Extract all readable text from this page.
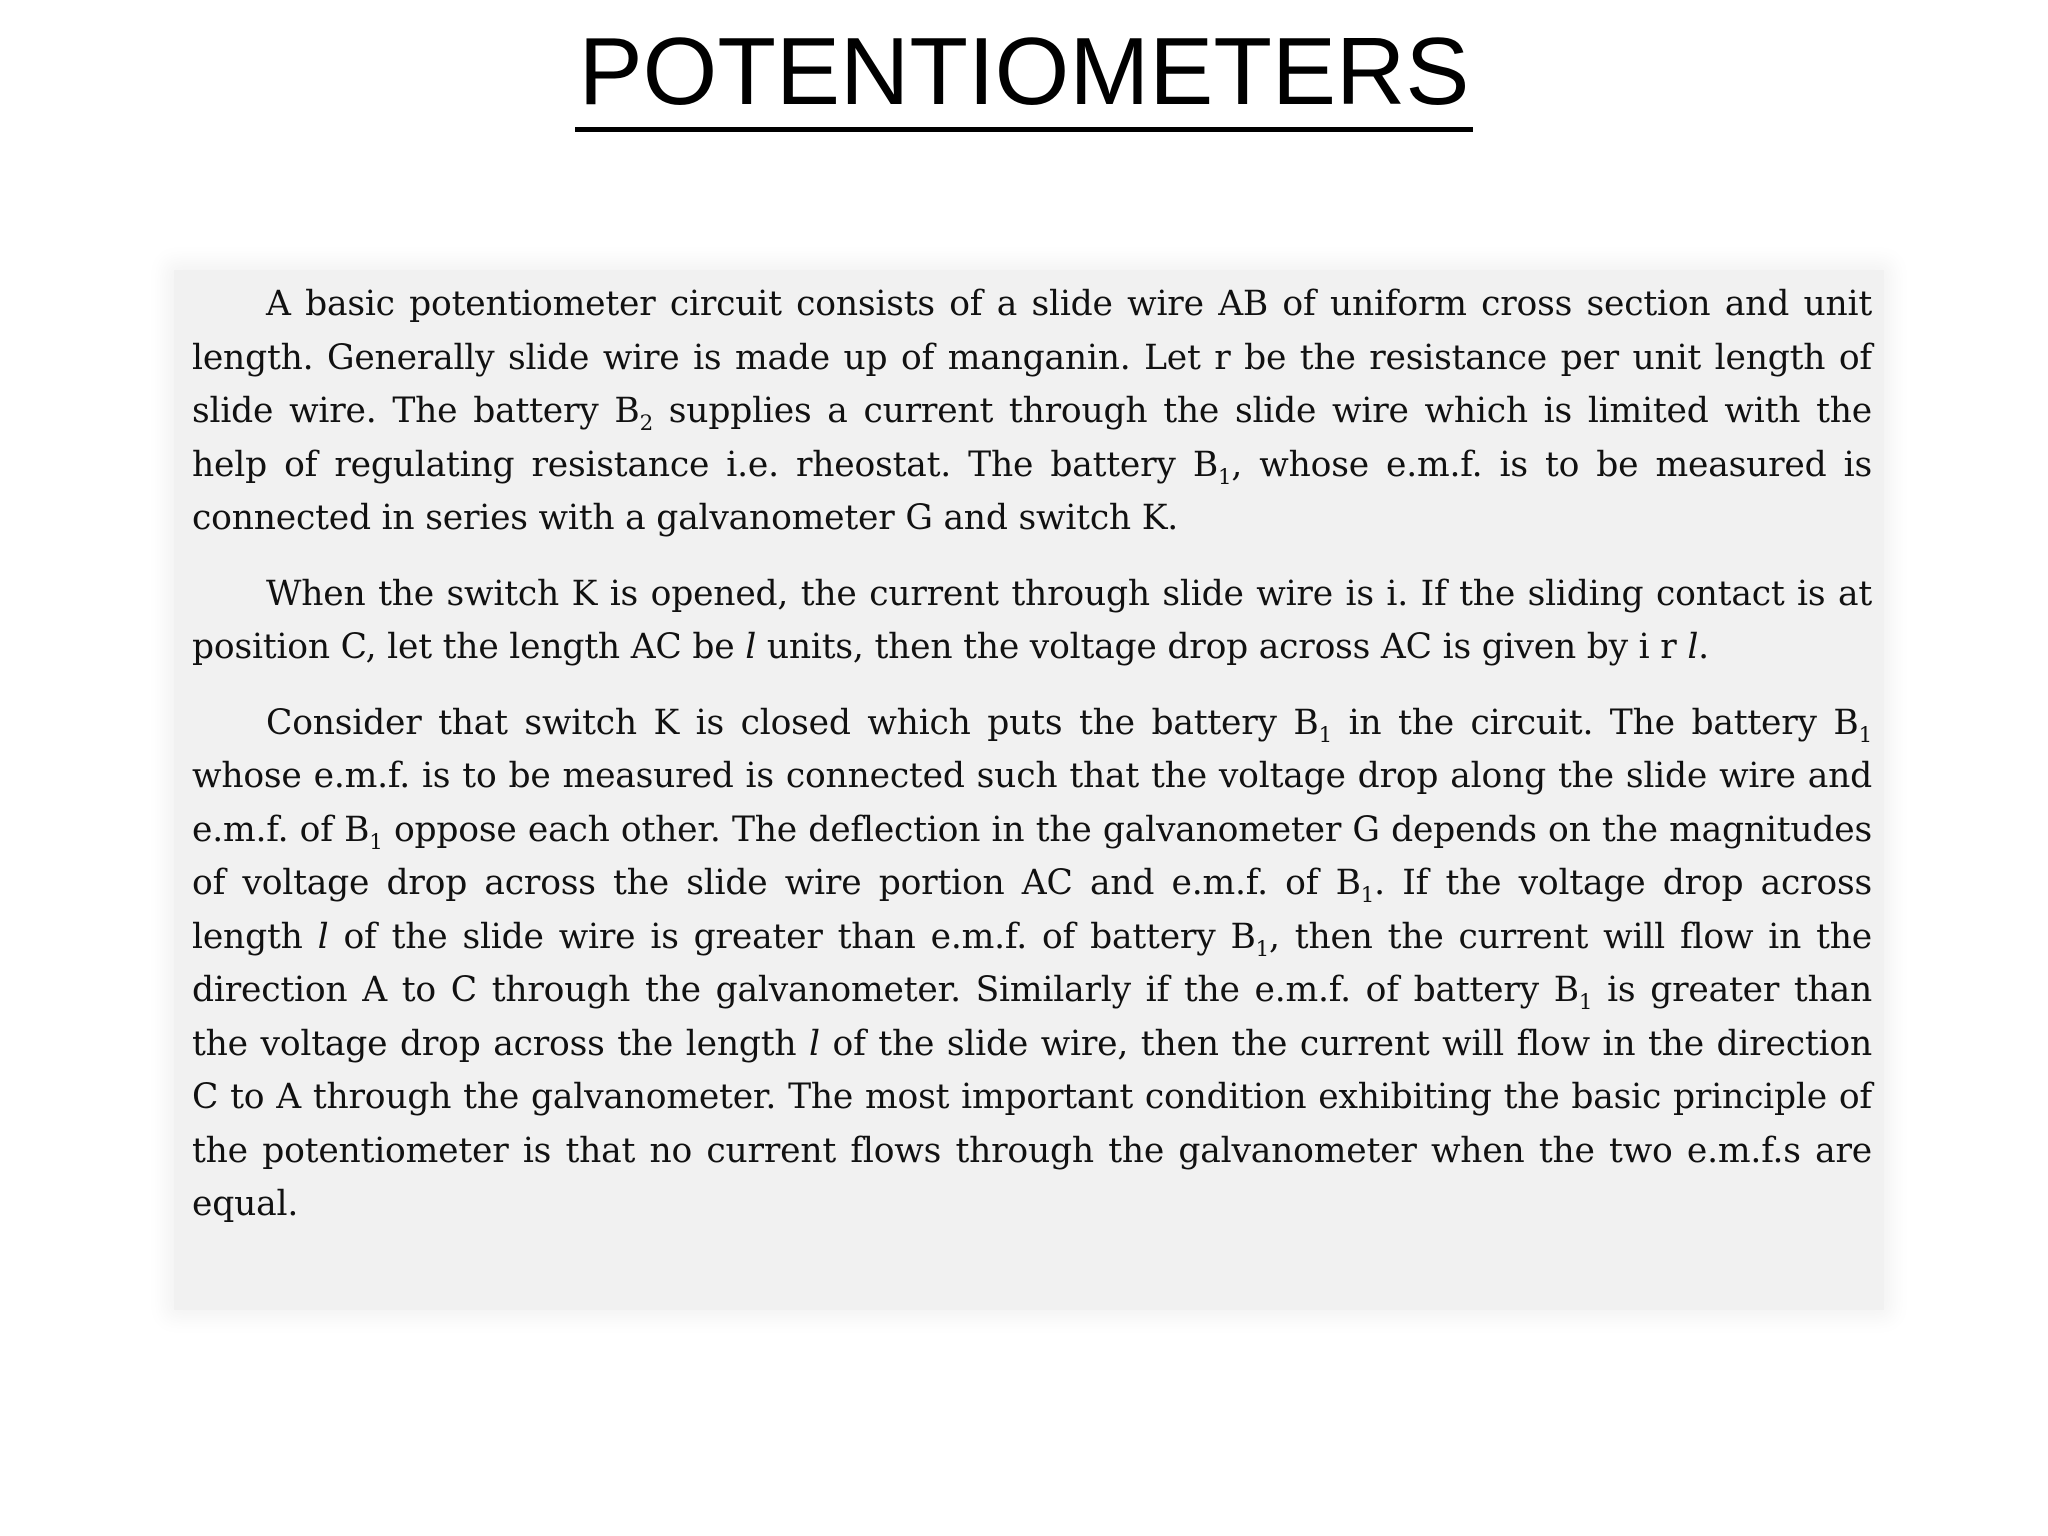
POTENTIOMETERS

A basic potentiometer circuit consists of a slide wire AB of uniform cross section and unit length. Generally slide wire is made up of manganin. Let r be the resistance per unit length of slide wire. The battery $B_2$ supplies a current through the slide wire which is limited with the help of regulating resistance i.e. rheostat. The battery $B_1$, whose e.m.f. is to be measured is connected in series with a galvanometer G and switch K.

When the switch K is opened, the current through slide wire is i. If the sliding contact is at position C, let the length AC be l units, then the voltage drop across AC is given by i r l.

Consider that switch K is closed which puts the battery $B_1$ in the circuit. The battery $B_1$ whose e.m.f. is to be measured is connected such that the voltage drop along the slide wire and e.m.f. of $B_1$ oppose each other. The deflection in the galvanometer G depends on the magnitudes of voltage drop across the slide wire portion AC and e.m.f. of $B_1$. If the voltage drop across length l of the slide wire is greater than e.m.f. of battery $B_1$, then the current will flow in the direction A to C through the galvanometer. Similarly if the e.m.f. of battery $B_1$ is greater than the voltage drop across the length l of the slide wire, then the current will flow in the direction C to A through the galvanometer. The most important condition exhibiting the basic principle of the potentiometer is that no current flows through the galvanometer when the two e.m.f.s are equal.
